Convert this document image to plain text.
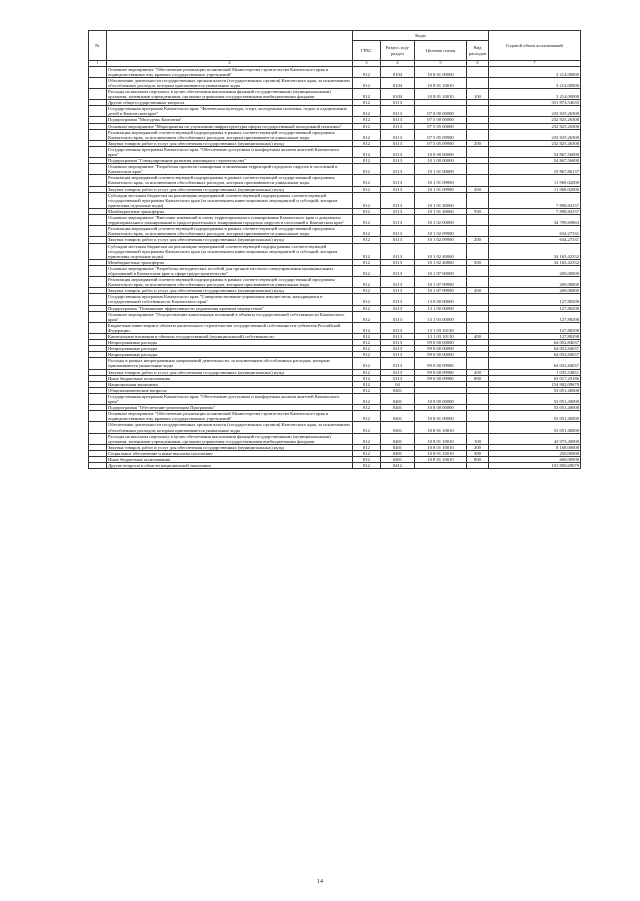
№		Коды				Годовой объем ассигнований
		ГРБС	Раздел, под-раздел	Целевая статья	Вид расходов	
1	2	3	4	5	6	7
	Основное мероприятие "Обеспечение реализации полномочий Министерства строительства Камчатского края и подведомственных ему краевых государственных учреждений"	812	0104	10 8 01 00000		3 214,00000
	Обеспечение деятельности государственных органов власти (государственных органов) Камчатского края, за исключением обособленных расходов, которым присваиваются уникальные коды	812	0104	10 8 01 10010		3 214,00000
	Расходы на выплаты персоналу в целях обеспечения выполнения функций государственными (муниципальными) органами, казенными учреждениями, органами управления государственными внебюджетными фондами	812	0104	10 8 01 10010	100	3 214,00000
	Другие общегосударственные вопросы	812	0113			351 873,54635
	Государственная программа Камчатского края "Физическая культура, спорт, молодежная политика, отдых и оздоровление детей в Камчатском крае"	812	0113	07 0 00 00000		232 825,26300
	Подпрограмма "Молодежь Камчатки"	812	0113	07 5 00 00000		232 825,26300
	Основное мероприятие "Мероприятия по улучшению инфраструктуры сферы государственной молодежной политики"	812	0113	07 5 05 00000		232 825,26300
	Реализация мероприятий соответствующей подпрограммы в рамках соответствующей государственной программы Камчатского края, за исключением обособленных расходов, которым присваиваются уникальные коды	812	0113	07 5 05 09990		232 825,26300
	Закупка товаров, работ и услуг для обеспечения государственных (муниципальных) нужд	812	0113	07 5 05 09990	200	232 825,26300
	Государственная программа Камчатского края "Обеспечение доступным и комфортным жильем жителей Камчатского края"	812	0113	10 0 00 00000		54 867,56000
	Подпрограмма "Стимулирование развития жилищного строительства"	812	0113	10 1 00 00000		54 867,56000
	Основное мероприятие "Разработка проектов планировки и межевания территорий городских округов и поселений в Камчатском крае"	812	0113	10 1 01 00000		19 867,86137
	Реализация мероприятий соответствующей подпрограммы в рамках соответствующей государственной программы Камчатского края, за исключением обособленных расходов, которым присваиваются уникальные коды	812	0113	10 1 01 09990		11 969,02000
	Закупка товаров, работ и услуг для обеспечения государственных (муниципальных) нужд	812	0113	10 1 01 09990	200	11 969,02000
	Субсидии местным бюджетам на реализацию мероприятий соответствующей подпрограммы соответствующей государственной программы Камчатского края (за исключением инвестиционных мероприятий и субсидий, которым присвоены отдельные коды)	812	0113	10 1 01 40060		7 898,84137
	Межбюджетные трансферты	812	0113	10 1 01 40060	500	7 898,84137
	Основное мероприятие "Внесение изменений в схему территориального планирования Камчатского края и документы территориального планирования и градостроительного зонирования городских округов и поселений в Камчатском крае"	812	0113	10 1 02 00000		34 799,69863
	Реализация мероприятий соответствующей подпрограммы в рамках соответствующей государственной программы Камчатского края, за исключением обособленных расходов, которым присваиваются уникальные коды	812	0113	10 1 02 09990		634,27531
	Закупка товаров, работ и услуг для обеспечения государственных (муниципальных) нужд	812	0113	10 1 02 09990	200	634,27531
	Субсидии местным бюджетам на реализацию мероприятий соответствующей подпрограммы соответствующей государственной программы Камчатского края (за исключением инвестиционных мероприятий и субсидий, которым присвоены отдельные коды)	812	0113	10 1 02 40060		34 165,42332
	Межбюджетные трансферты	812	0113	10 1 02 40060	500	34 165,42332
	Основное мероприятие "Разработка методических пособий для органов местного самоуправления муниципальных образований в Камчатском крае в сфере градостроительства"	812	0113	10 1 07 00000		200,00000
	Реализация мероприятий соответствующей подпрограммы в рамках соответствующей государственной программы Камчатского края, за исключением обособленных расходов, которым присваиваются уникальные коды	812	0113	10 1 07 09990		200,00000
	Закупка товаров, работ и услуг для обеспечения государственных (муниципальных) нужд	812	0113	10 1 07 09990	200	200,00000
	Государственная программа Камчатского края "Совершенствование управления имуществом, находящимся в государственной собственности Камчатского края"	812	0113	13 0 00 00000		127,88298
	Подпрограмма "Повышение эффективности управления краевым имуществом"	812	0113	13 1 00 00000		127,88298
	Основное мероприятие "Осуществление капитальных вложений в объекты государственной собственности Камчатского края"	812	0113	13 1 03 00000		127,88298
	Бюджетные инвестиции в объекты капитального строительства государственной собственности субъектов Российской Федерации	812	0113	13 1 03 10130		127,88298
	Капитальные вложения в объекты государственной (муниципальной) собственности	812	0113	13 1 03 10130	400	127,88298
	Непрограммные расходы	812	0113	99 0 00 00000		64 052,84037
	Непрограммные расходы	812	0113	99 0 00 00000		64 052,84037
	Непрограммные расходы	812	0113	99 0 00 00000		64 052,84037
	Расходы в рамках непрограммных направлений деятельности, за исключением обособленных расходов, которым присваиваются уникальные коды	812	0113	99 0 00 09980		64 052,84037
	Закупка товаров, работ и услуг для обеспечения государственных (муниципальных) нужд	812	0113	99 0 00 09980	200	1 035,54851
	Иные бюджетные ассигнования	812	0113	99 0 00 09980	800	63 017,29186
	Национальная экономика	812	04			154 902,09679
	Общеэкономические вопросы	812	0401			53 051,40000
	Государственная программа Камчатского края "Обеспечение доступным и комфортным жильем жителей Камчатского края"	812	0401	10 0 00 00000		53 051,40000
	Подпрограмма "Обеспечение реализации Программы"	812	0401	10 8 00 00000		53 051,40000
	Основное мероприятие "Обеспечение реализации полномочий Министерства строительства Камчатского края и подведомственных ему краевых государственных учреждений"	812	0401	10 8 01 00000		53 051,40000
	Обеспечение деятельности государственных органов власти (государственных органов) Камчатского края, за исключением обособленных расходов, которым присваиваются уникальные коды	812	0401	10 8 01 10010		53 051,40000
	Расходы на выплаты персоналу в целях обеспечения выполнения функций государственными (муниципальными) органами, казенными учреждениями, органами управления государственными внебюджетными фондами	812	0401	10 8 01 10010	100	43 973,40000
	Закупка товаров, работ и услуг для обеспечения государственных (муниципальных) нужд	812	0401	10 8 01 10010	200	8 168,00000
	Социальное обеспечение и иные выплаты населению	812	0401	10 8 01 10010	300	250,00000
	Иные бюджетные ассигнования	812	0401	10 8 01 10010	800	660,00000
	Другие вопросы в области национальной экономики	812	0412			101 850,69679
14
